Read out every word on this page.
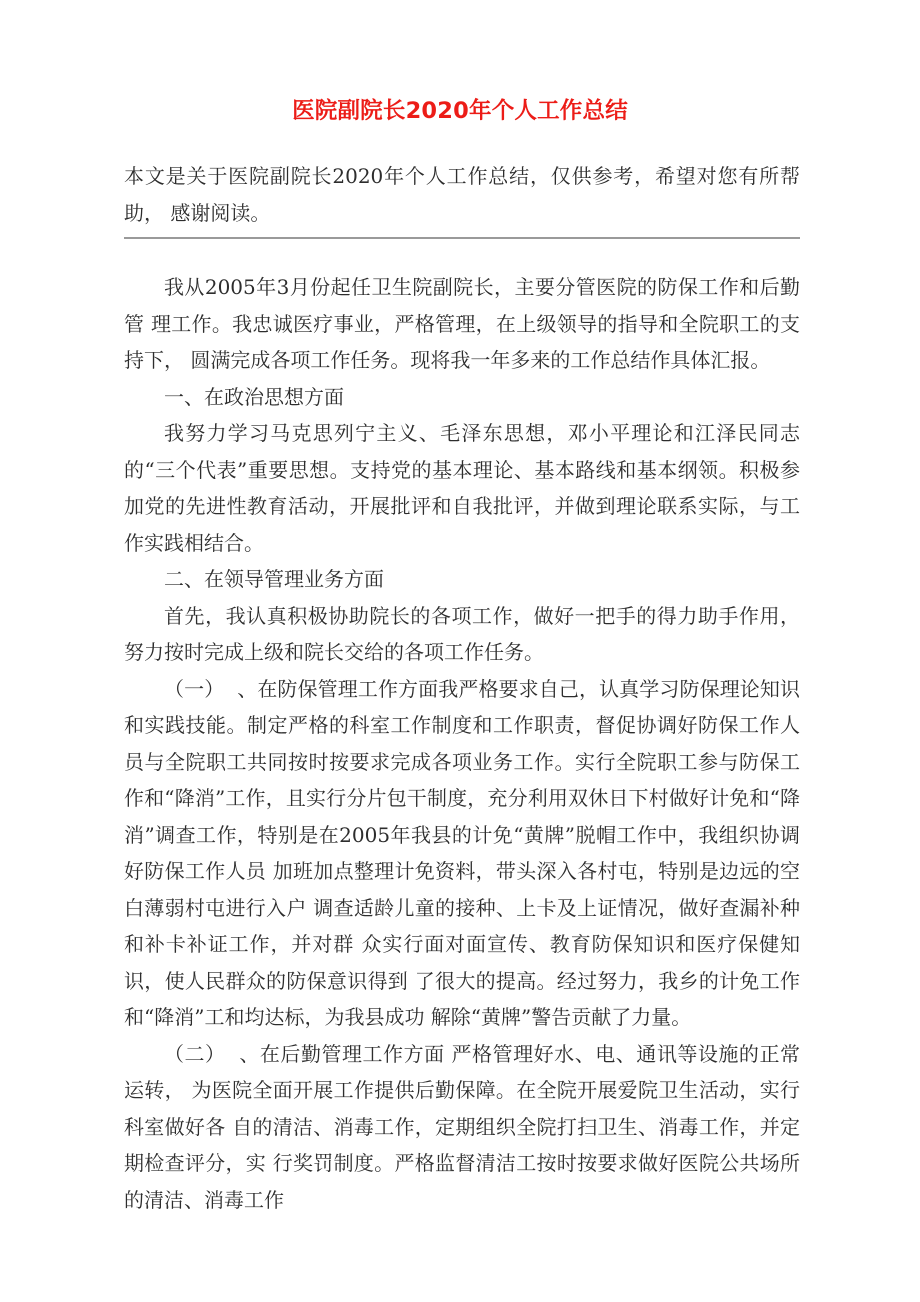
医院副院长2020年个人工作总结

本文是关于医院副院长2020年个人工作总结，仅供参考，希望对您有所帮助， 感谢阅读。

我从2005年3月份起任卫生院副院长，主要分管医院的防保工作和后勤管 理工作。我忠诚医疗事业，严格管理，在上级领导的指导和全院职工的支持下， 圆满完成各项工作任务。现将我一年多来的工作总结作具体汇报。

一、在政治思想方面

我努力学习马克思列宁主义、毛泽东思想，邓小平理论和江泽民同志的“三个代表”重要思想。支持党的基本理论、基本路线和基本纲领。积极参加党的先进性教育活动，开展批评和自我批评，并做到理论联系实际，与工作实践相结合。

二、在领导管理业务方面

首先，我认真积极协助院长的各项工作，做好一把手的得力助手作用，努力按时完成上级和院长交给的各项工作任务。

（一）  、在防保管理工作方面我严格要求自己，认真学习防保理论知识和实践技能。制定严格的科室工作制度和工作职责，督促协调好防保工作人员与全院职工共同按时按要求完成各项业务工作。实行全院职工参与防保工作和“降消”工作，且实行分片包干制度，充分利用双休日下村做好计免和“降消”调查工作，特别是在2005年我县的计免“黄牌”脱帽工作中，我组织协调好防保工作人员 加班加点整理计免资料，带头深入各村屯，特别是边远的空白薄弱村屯进行入户 调查适龄儿童的接种、上卡及上证情况，做好查漏补种和补卡补证工作，并对群 众实行面对面宣传、教育防保知识和医疗保健知识，使人民群众的防保意识得到 了很大的提高。经过努力，我乡的计免工作和“降消”工和均达标，为我县成功 解除“黄牌”警告贡献了力量。

（二）  、在后勤管理工作方面 严格管理好水、电、通讯等设施的正常运转， 为医院全面开展工作提供后勤保障。在全院开展爱院卫生活动，实行科室做好各 自的清洁、消毒工作，定期组织全院打扫卫生、消毒工作，并定期检查评分，实 行奖罚制度。严格监督清洁工按时按要求做好医院公共场所的清洁、消毒工作
